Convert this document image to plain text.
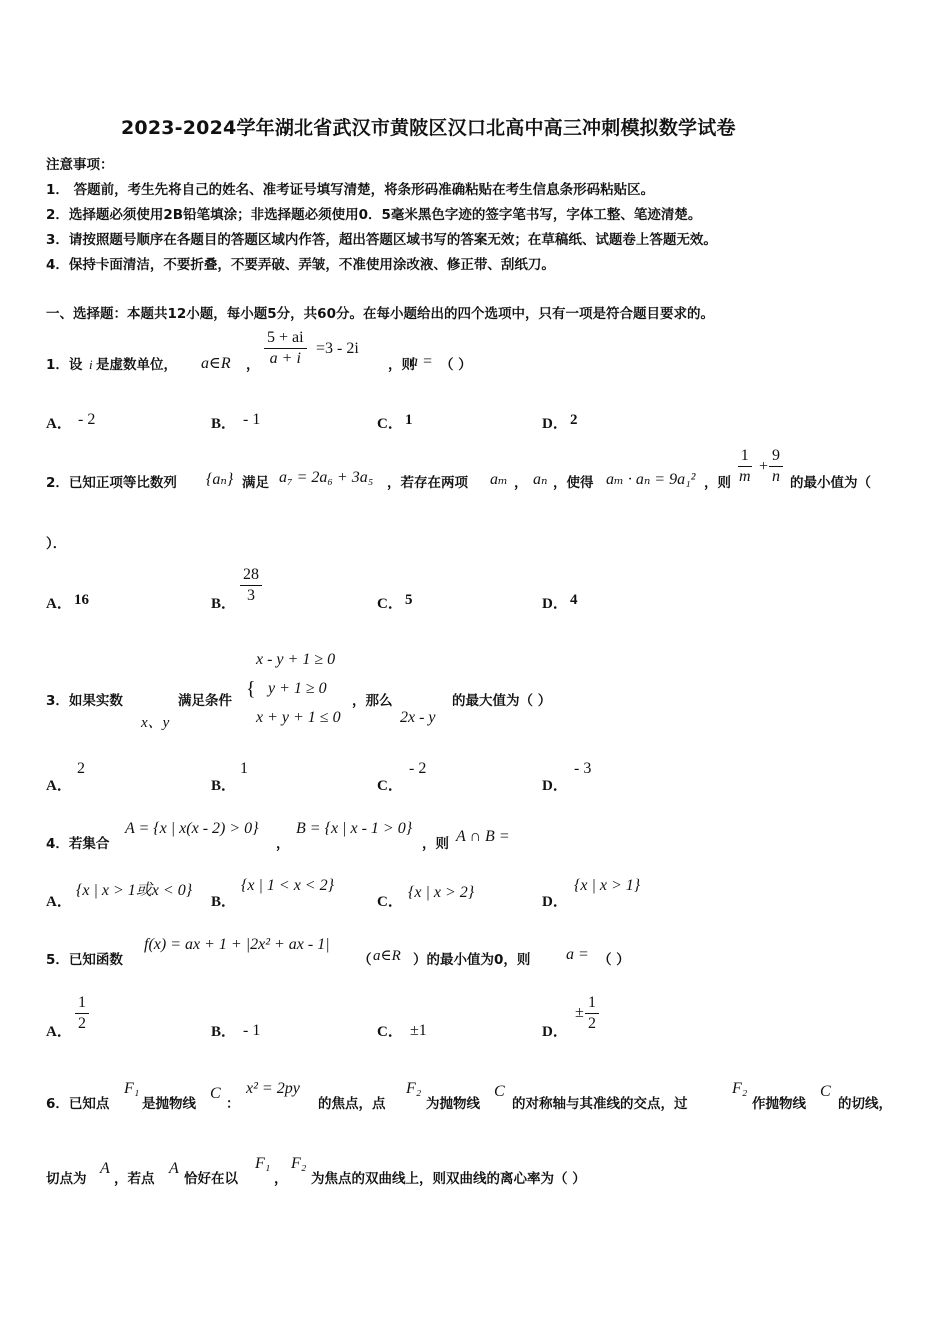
2023-2024学年湖北省武汉市黄陂区汉口北高中高三冲刺模拟数学试卷
注意事项：
1． 答题前，考生先将自己的姓名、准考证号填写清楚，将条形码准确粘贴在考生信息条形码粘贴区。
2．选择题必须使用2B铅笔填涂；非选择题必须使用0．5毫米黑色字迹的签字笔书写，字体工整、笔迹清楚。
3．请按照题号顺序在各题目的答题区域内作答，超出答题区域书写的答案无效；在草稿纸、试题卷上答题无效。
4．保持卡面清洁，不要折叠，不要弄破、弄皱，不准使用涂改液、修正带、刮纸刀。
一、选择题：本题共12小题，每小题5分，共60分。在每小题给出的四个选项中，只有一项是符合题目要求的。
1．设 i 是虚数单位， a∈R ， $\frac{5 + ai}{a + i} =3 - 2i$
，则
a = （ ）
A． - 2	B． - 1	C． 1	D． 2
2．已知正项等比数列 {aₙ} 满足 a₇ = 2a₆ + 3a₅ ，若存在两项 aₘ ， aₙ ，使得 aₘ · aₙ = 9a₁² ，则 $\frac{1}{m} + \frac{9}{n}$ 的最小值为（
）．
A． 16	B． $\frac{28}{3}$	C． 5	D． 4
3．如果实数
x、y
满足条件
{
x - y + 1 ≥ 0
y + 1 ≥ 0
x + y + 1 ≤ 0
，那么
2x - y
的最大值为（ ）
A．
2
B．
1
C．
- 2
D．
- 3
4．若集合
A = {x | x(x - 2) > 0}
，
B = {x | x - 1 > 0}
，则 A ∩ B =
A．
{x | x > 1或x < 0}
B．
{x | 1 < x < 2}
C．
{x | x > 2}
D．
{x | x > 1}
5．已知函数
f(x) = ax + 1 + |2x² + ax - 1|
（ a∈R ）的最小值为0，则 a = （ ）
A． $\frac{1}{2}$	B． - 1	C． ±1	D．
± $\frac{1}{2}$
6．已知点
F₁
是抛物线
C
：
x² = 2py
的焦点，点
F₂
为抛物线
C
的对称轴与其准线的交点，过
F₂
作抛物线
C
的切线，
切点为
A
，若点
A
恰好在以
F₁
，
F₂
为焦点的双曲线上，则双曲线的离心率为（ ）
